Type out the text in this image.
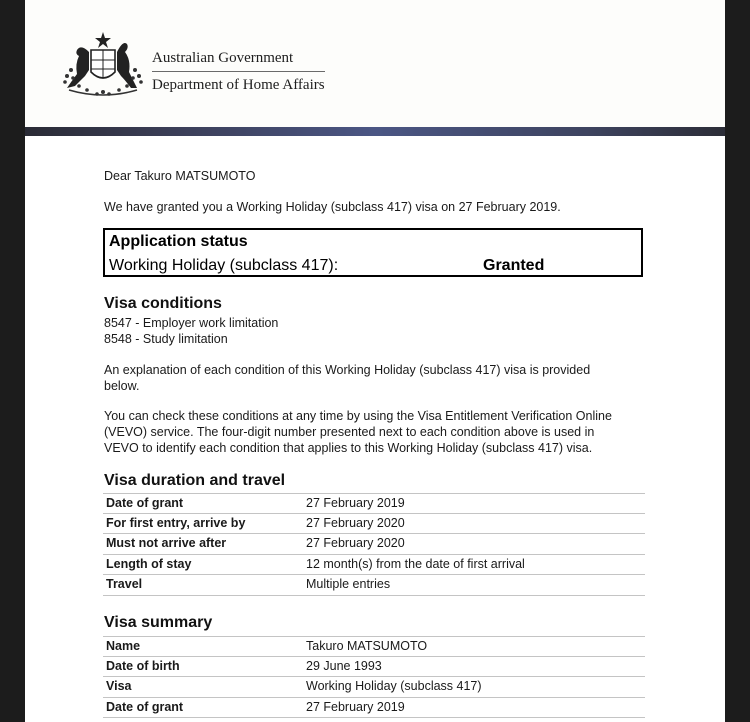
Australian Government
Department of Home Affairs
Dear Takuro MATSUMOTO
We have granted you a Working Holiday (subclass 417) visa on 27 February 2019.
Application status
Working Holiday (subclass 417):	Granted
Visa conditions
8547 - Employer work limitation
8548 - Study limitation
An explanation of each condition of this Working Holiday (subclass 417) visa is provided
below.
You can check these conditions at any time by using the Visa Entitlement Verification Online
(VEVO) service. The four-digit number presented next to each condition above is used in
VEVO to identify each condition that applies to this Working Holiday (subclass 417) visa.
Visa duration and travel
Date of grant	27 February 2019
For first entry, arrive by	27 February 2020
Must not arrive after	27 February 2020
Length of stay	12 month(s) from the date of first arrival
Travel	Multiple entries
Visa summary
Name	Takuro MATSUMOTO
Date of birth	29 June 1993
Visa	Working Holiday (subclass 417)
Date of grant	27 February 2019
